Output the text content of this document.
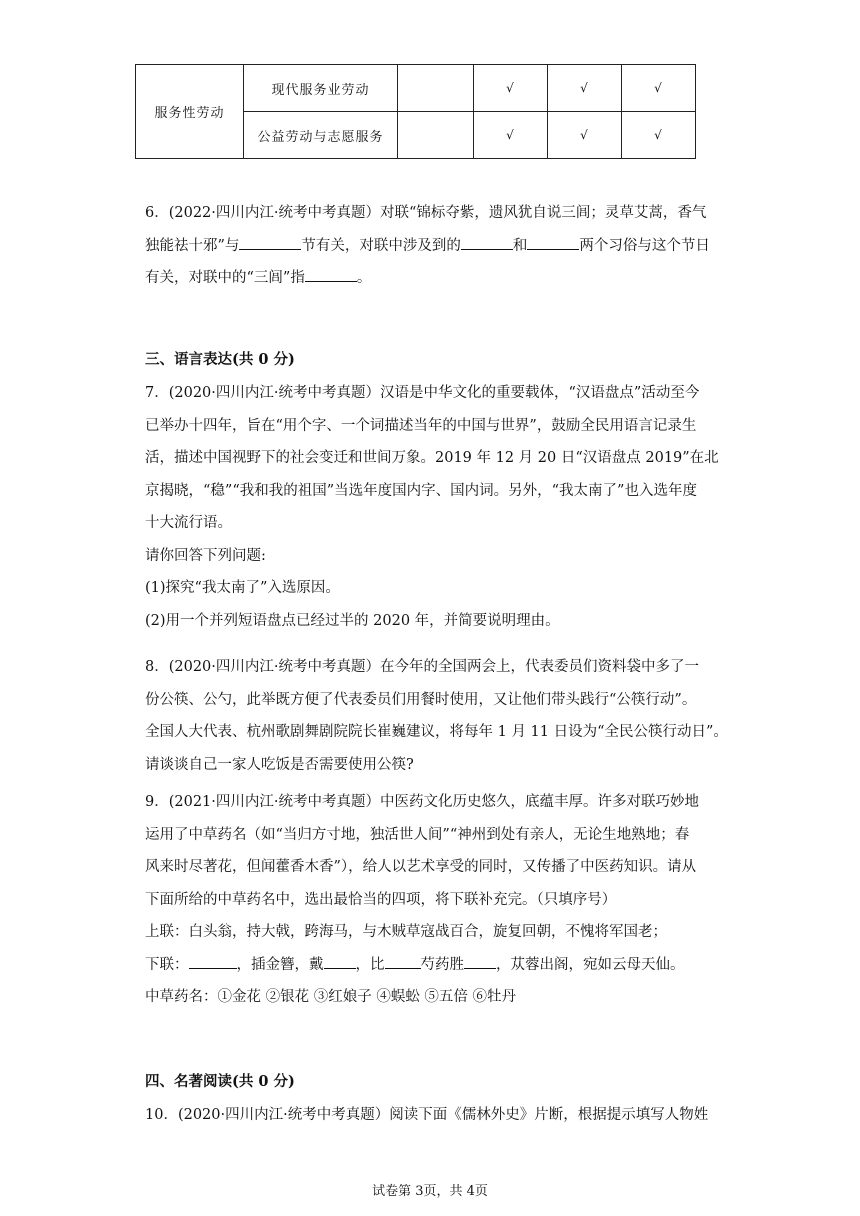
服务性劳动	现代服务业劳动		√	√	√
	公益劳动与志愿服务		√	√	√
6．(2022·四川内江·统考中考真题）对联“锦标夺紫，遗风犹自说三闾；灵草艾蒿，香气
独能祛十邪”与	节有关，对联中涉及到的	和	两个习俗与这个节日
有关，对联中的“三闾”指	。
三、语言表达(共 0 分)
7．(2020·四川内江·统考中考真题）汉语是中华文化的重要载体，“汉语盘点”活动至今
已举办十四年，旨在“用个字、一个词描述当年的中国与世界”，鼓励全民用语言记录生
活，描述中国视野下的社会变迁和世间万象。2019 年 12 月 20 日“汉语盘点 2019”在北
京揭晓，“稳”“我和我的祖国”当选年度国内字、国内词。另外，“我太南了”也入选年度
十大流行语。
请你回答下列问题:
(1)探究“我太南了”入选原因。
(2)用一个并列短语盘点已经过半的 2020 年，并简要说明理由。
8．(2020·四川内江·统考中考真题）在今年的全国两会上，代表委员们资料袋中多了一
份公筷、公勺，此举既方便了代表委员们用餐时使用，又让他们带头践行“公筷行动”。
全国人大代表、杭州歌剧舞剧院院长崔巍建议，将每年 1 月 11 日设为“全民公筷行动日”。
请谈谈自己一家人吃饭是否需要使用公筷?
9．(2021·四川内江·统考中考真题）中医药文化历史悠久，底蕴丰厚。许多对联巧妙地
运用了中草药名（如“当归方寸地，独活世人间”“神州到处有亲人，无论生地熟地；春
风来时尽著花，但闻藿香木香”），给人以艺术享受的同时，又传播了中医药知识。请从
下面所给的中草药名中，选出最恰当的四项，将下联补充完。（只填序号）
上联：白头翁，持大戟，跨海马，与木贼草寇战百合，旋复回朝，不愧将军国老；
下联：	，插金簪，戴 ，比 芍药胜 ，苁蓉出阁，宛如云母天仙。
中草药名：①金花 ②银花 ③红娘子 ④蜈蚣 ⑤五倍 ⑥牡丹
四、名著阅读(共 0 分)
10．(2020·四川内江·统考中考真题）阅读下面《儒林外史》片断，根据提示填写人物姓
试卷第 3页，共 4页
